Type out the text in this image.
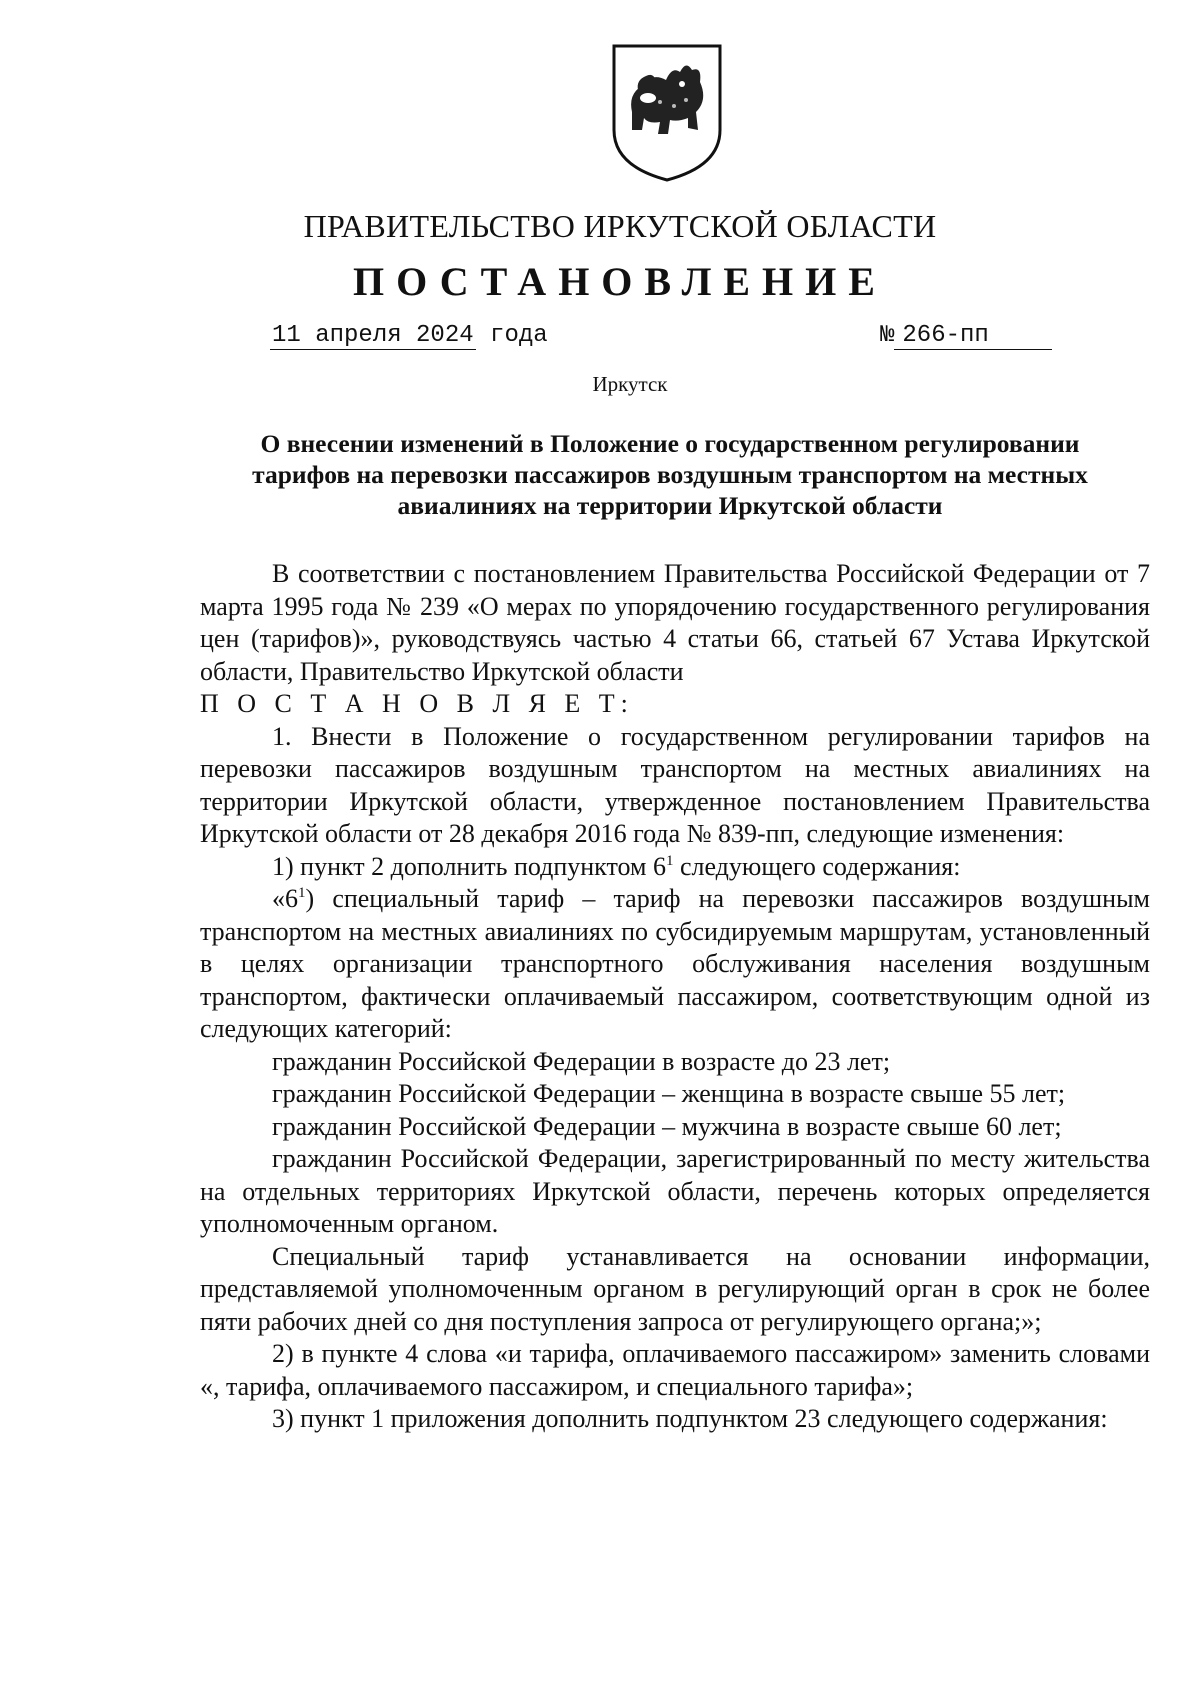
ПРАВИТЕЛЬСТВО ИРКУТСКОЙ ОБЛАСТИ
ПОСТАНОВЛЕНИЕ
11 апреля 2024 года	№ 266-пп
Иркутск
О внесении изменений в Положение о государственном регулировании
тарифов на перевозки пассажиров воздушным транспортом на местных
авиалиниях на территории Иркутской области

В соответствии с постановлением Правительства Российской Федерации от 7 марта 1995 года № 239 «О мерах по упорядочению государственного регулирования цен (тарифов)», руководствуясь частью 4 статьи 66, статьей 67 Устава Иркутской области, Правительство Иркутской области

П О С Т А Н О В Л Я Е Т:

1. Внести в Положение о государственном регулировании тарифов на перевозки пассажиров воздушным транспортом на местных авиалиниях на территории Иркутской области, утвержденное постановлением Правительства Иркутской области от 28 декабря 2016 года № 839-пп, следующие изменения:

1) пункт 2 дополнить подпунктом $6^1$ следующего содержания:

«$6^1$) специальный тариф – тариф на перевозки пассажиров воздушным транспортом на местных авиалиниях по субсидируемым маршрутам, установленный в целях организации транспортного обслуживания населения воздушным транспортом, фактически оплачиваемый пассажиром, соответствующим одной из следующих категорий:

гражданин Российской Федерации в возрасте до 23 лет;

гражданин Российской Федерации – женщина в возрасте свыше 55 лет;

гражданин Российской Федерации – мужчина в возрасте свыше 60 лет;

гражданин Российской Федерации, зарегистрированный по месту жительства на отдельных территориях Иркутской области, перечень которых определяется уполномоченным органом.

Специальный тариф устанавливается на основании информации, представляемой уполномоченным органом в регулирующий орган в срок не более пяти рабочих дней со дня поступления запроса от регулирующего органа;»;

2) в пункте 4 слова «и тарифа, оплачиваемого пассажиром» заменить словами «, тарифа, оплачиваемого пассажиром, и специального тарифа»;

3) пункт 1 приложения дополнить подпунктом 23 следующего содержания:
